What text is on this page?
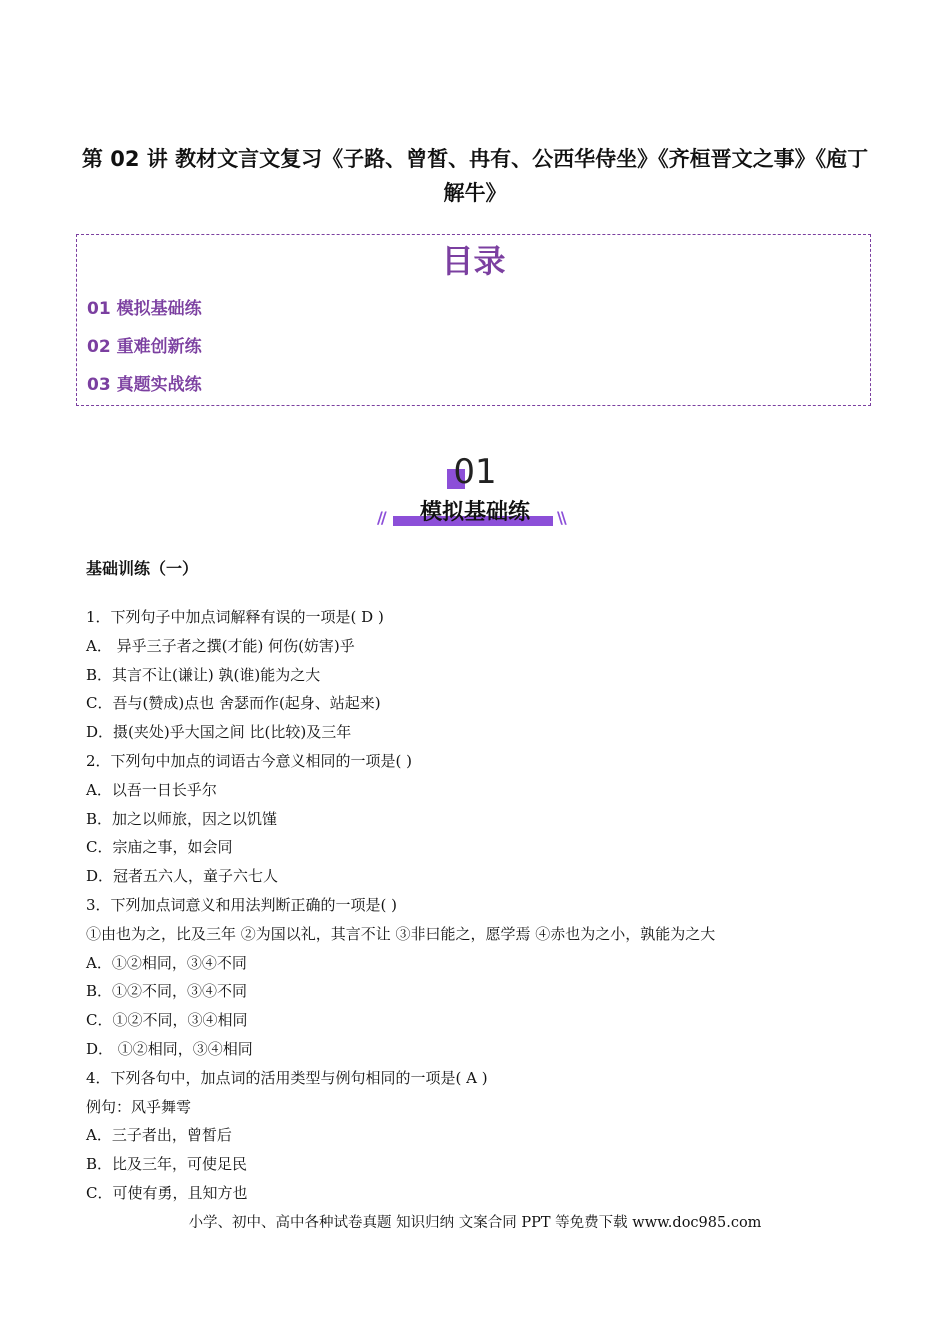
第 02 讲 教材文言文复习《子路、曾皙、冉有、公西华侍坐》《齐桓晋文之事》《庖丁解牛》
目录
01 模拟基础练
02 重难创新练
03 真题实战练
01
模拟基础练
//	\\
基础训练（一）
1．下列句子中加点词解释有误的一项是( D )
A． 异乎三子者之撰(才能) 何伤(妨害)乎
B．其言不让(谦让) 孰(谁)能为之大
C．吾与(赞成)点也 舍瑟而作(起身、站起来)
D．摄(夹处)乎大国之间 比(比较)及三年
2．下列句中加点的词语古今意义相同的一项是( )
A．以吾一日长乎尔
B．加之以师旅，因之以饥馑
C．宗庙之事，如会同
D．冠者五六人，童子六七人
3．下列加点词意义和用法判断正确的一项是( )
①由也为之，比及三年 ②为国以礼，其言不让 ③非曰能之，愿学焉 ④赤也为之小，孰能为之大
A．①②相同，③④不同
B．①②不同，③④不同
C．①②不同，③④相同
D． ①②相同，③④相同
4．下列各句中，加点词的活用类型与例句相同的一项是( A )
例句：风乎舞雩
A．三子者出，曾皙后
B．比及三年，可使足民
C．可使有勇，且知方也
小学、初中、高中各种试卷真题 知识归纳 文案合同 PPT 等免费下载 www.doc985.com
